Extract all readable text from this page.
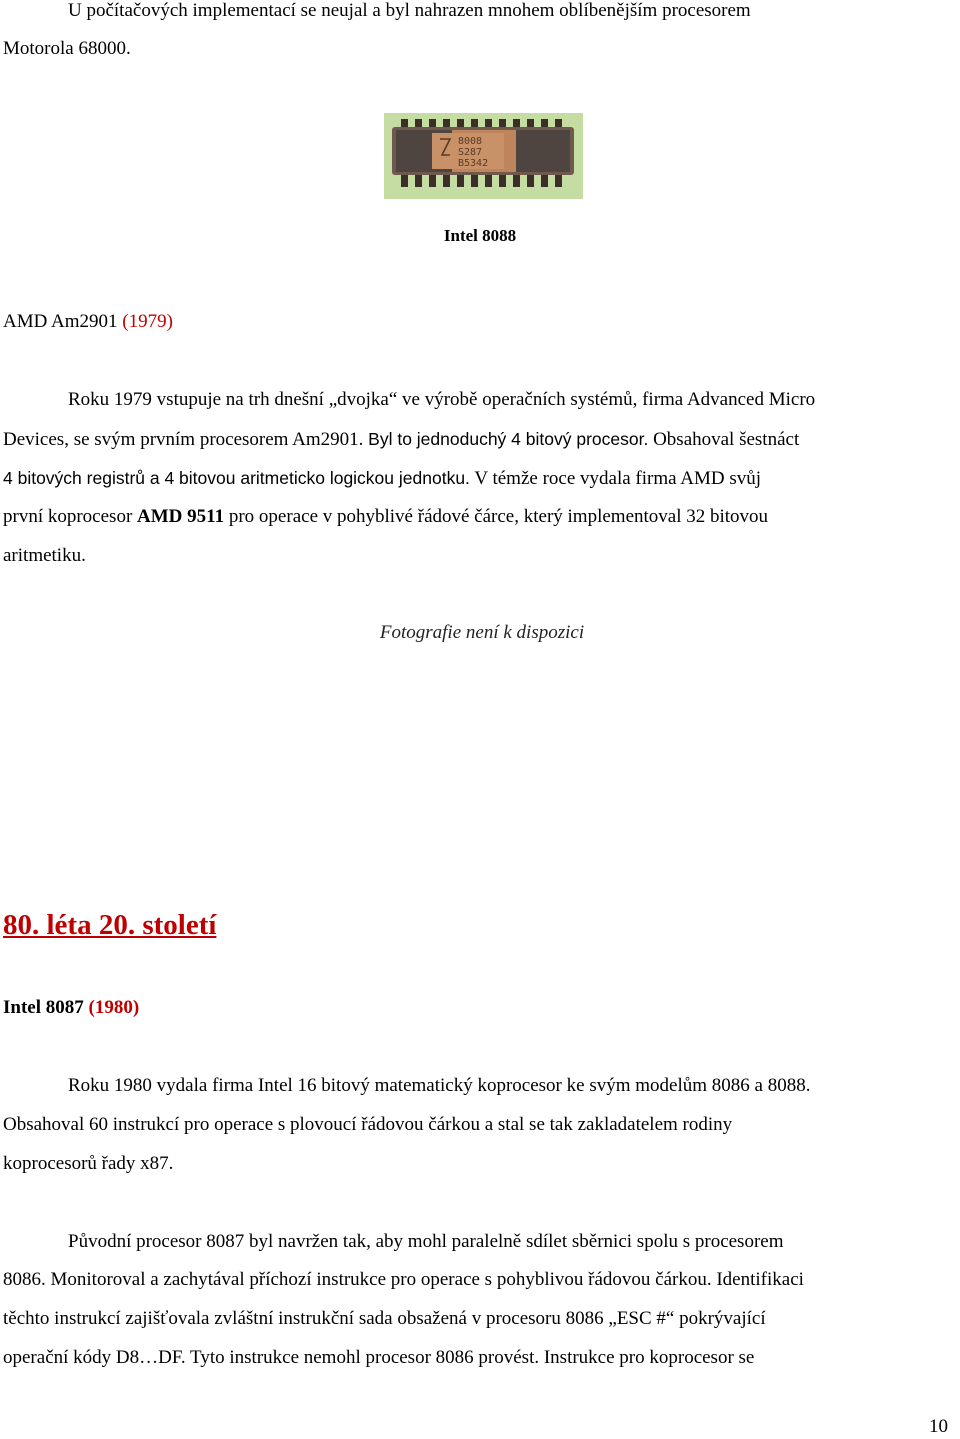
U počítačových implementací se neujal a byl nahrazen mnohem oblíbenějším procesorem
Motorola 68000.
8008
S287
B5342
Intel 8088
AMD Am2901 (1979)
Roku 1979 vstupuje na trh dnešní „dvojka“ ve výrobě operačních systémů, firma Advanced Micro
Devices, se svým prvním procesorem Am2901. Byl to jednoduchý 4 bitový procesor. Obsahoval šestnáct
4 bitových registrů a 4 bitovou aritmeticko logickou jednotku. V témže roce vydala firma AMD svůj
první koprocesor AMD 9511 pro operace v pohyblivé řádové čárce, který implementoval 32 bitovou
aritmetiku.
Fotografie není k dispozici
80. léta 20. století
Intel 8087 (1980)
Roku 1980 vydala firma Intel 16 bitový matematický koprocesor ke svým modelům 8086 a 8088.
Obsahoval 60 instrukcí pro operace s plovoucí řádovou čárkou a stal se tak zakladatelem rodiny
koprocesorů řady x87.
Původní procesor 8087 byl navržen tak, aby mohl paralelně sdílet sběrnici spolu s procesorem
8086. Monitoroval a zachytával příchozí instrukce pro operace s pohyblivou řádovou čárkou. Identifikaci
těchto instrukcí zajišťovala zvláštní instrukční sada obsažená v procesoru 8086 „ESC #“ pokrývající
operační kódy D8…DF. Tyto instrukce nemohl procesor 8086 provést. Instrukce pro koprocesor se
10
